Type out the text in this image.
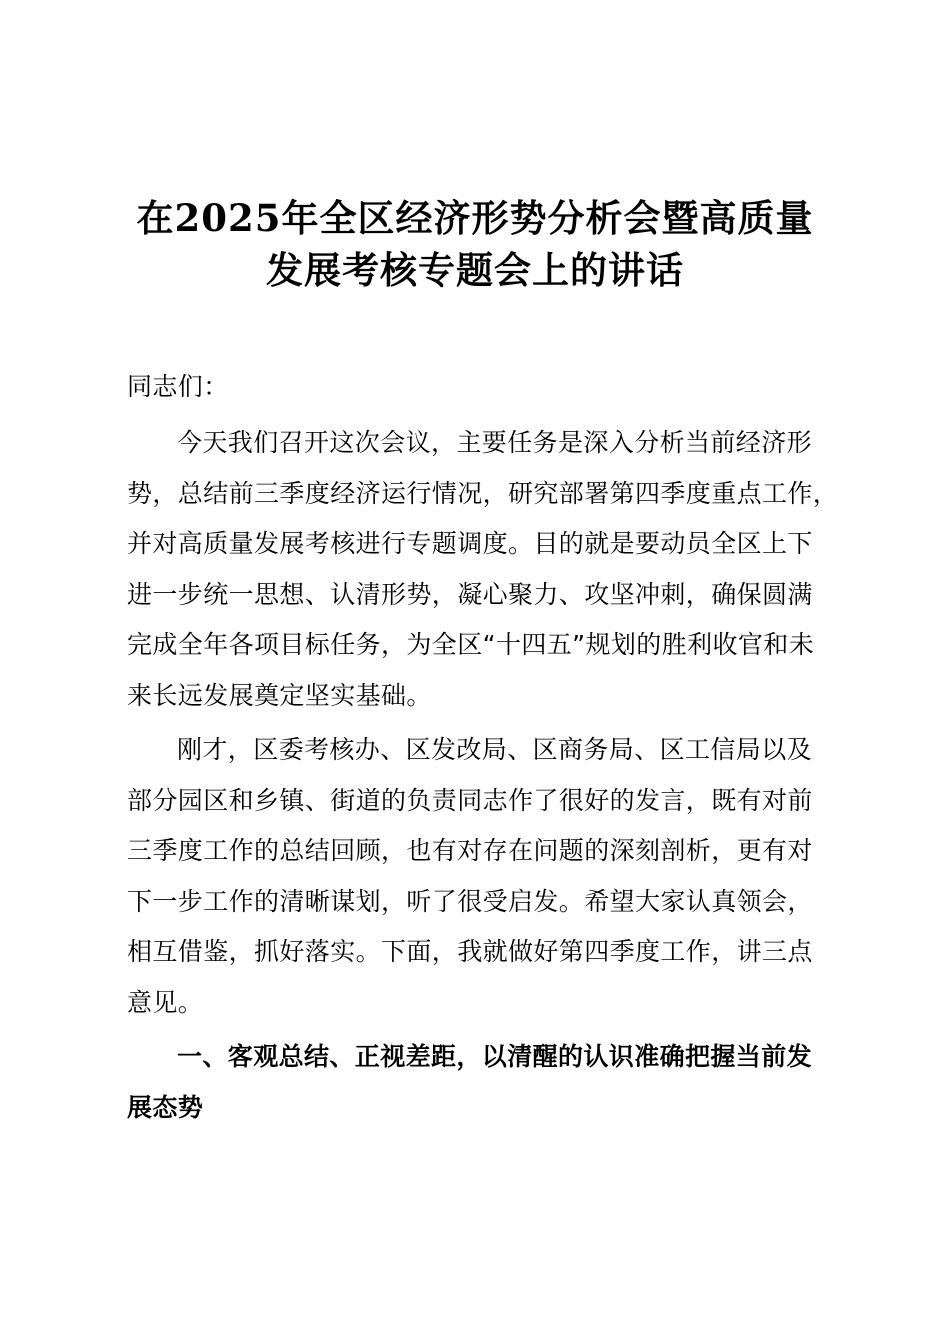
在2025年全区经济形势分析会暨高质量
发展考核专题会上的讲话
同志们：
今天我们召开这次会议，主要任务是深入分析当前经济形
势，总结前三季度经济运行情况，研究部署第四季度重点工作，
并对高质量发展考核进行专题调度。目的就是要动员全区上下
进一步统一思想、认清形势，凝心聚力、攻坚冲刺，确保圆满
完成全年各项目标任务，为全区“十四五”规划的胜利收官和未
来长远发展奠定坚实基础。
刚才，区委考核办、区发改局、区商务局、区工信局以及
部分园区和乡镇、街道的负责同志作了很好的发言，既有对前
三季度工作的总结回顾，也有对存在问题的深刻剖析，更有对
下一步工作的清晰谋划，听了很受启发。希望大家认真领会，
相互借鉴，抓好落实。下面，我就做好第四季度工作，讲三点
意见。
一、客观总结、正视差距，以清醒的认识准确把握当前发
展态势
